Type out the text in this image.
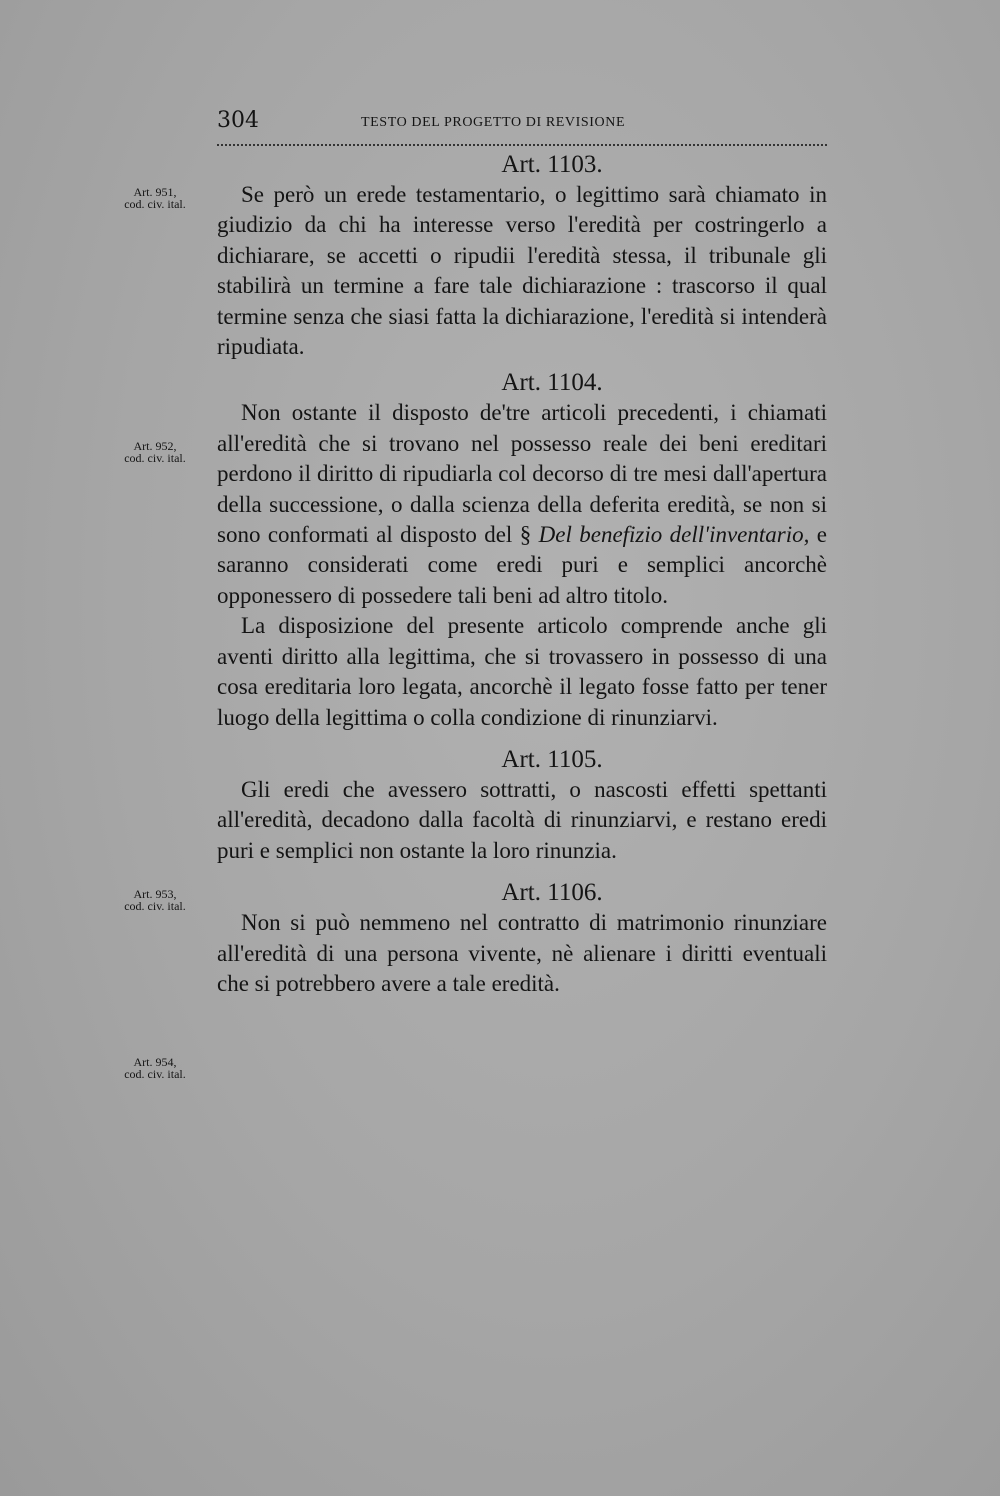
304	TESTO DEL PROGETTO DI REVISIONE
Art. 951,
cod. civ. ital.
Art. 952,
cod. civ. ital.
Art. 953,
cod. civ. ital.
Art. 954,
cod. civ. ital.

Art. 1103.

Se però un erede testamentario, o legittimo sarà chiamato in giudizio da chi ha interesse verso l'eredità per costringerlo a dichiarare, se accetti o ripudii l'eredità stessa, il tribunale gli stabilirà un termine a fare tale dichiarazione : trascorso il qual termine senza che siasi fatta la dichiarazione, l'eredità si intenderà ripudiata.

Art. 1104.

Non ostante il disposto de'tre articoli precedenti, i chiamati all'eredità che si trovano nel possesso reale dei beni ereditari perdono il diritto di ripudiarla col decorso di tre mesi dall'apertura della successione, o dalla scienza della deferita eredità, se non si sono conformati al disposto del § Del benefizio dell'inventario, e saranno considerati come eredi puri e semplici ancorchè opponessero di possedere tali beni ad altro titolo.

La disposizione del presente articolo comprende anche gli aventi diritto alla legittima, che si trovassero in possesso di una cosa ereditaria loro legata, ancorchè il legato fosse fatto per tener luogo della legittima o colla condizione di rinunziarvi.

Art. 1105.

Gli eredi che avessero sottratti, o nascosti effetti spettanti all'eredità, decadono dalla facoltà di rinunziarvi, e restano eredi puri e semplici non ostante la loro rinunzia.

Art. 1106.

Non si può nemmeno nel contratto di matrimonio rinunziare all'eredità di una persona vivente, nè alienare i diritti eventuali che si potrebbero avere a tale eredità.
